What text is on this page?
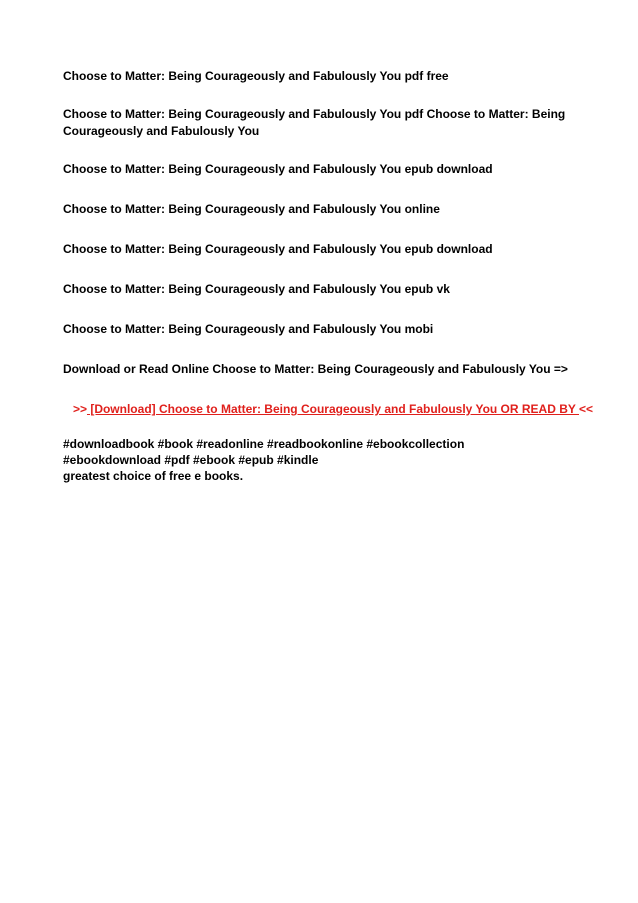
Choose to Matter: Being Courageously and Fabulously You pdf free

Choose to Matter: Being Courageously and Fabulously You pdf Choose to Matter: Being Courageously and Fabulously You

Choose to Matter: Being Courageously and Fabulously You epub download

Choose to Matter: Being Courageously and Fabulously You online

Choose to Matter: Being Courageously and Fabulously You epub download

Choose to Matter: Being Courageously and Fabulously You epub vk

Choose to Matter: Being Courageously and Fabulously You mobi

Download or Read Online Choose to Matter: Being Courageously and Fabulously You =>

>> [Download] Choose to Matter: Being Courageously and Fabulously You OR READ BY <<

#downloadbook #book #readonline #readbookonline #ebookcollection
#ebookdownload #pdf #ebook #epub #kindle
greatest choice of free e books.
